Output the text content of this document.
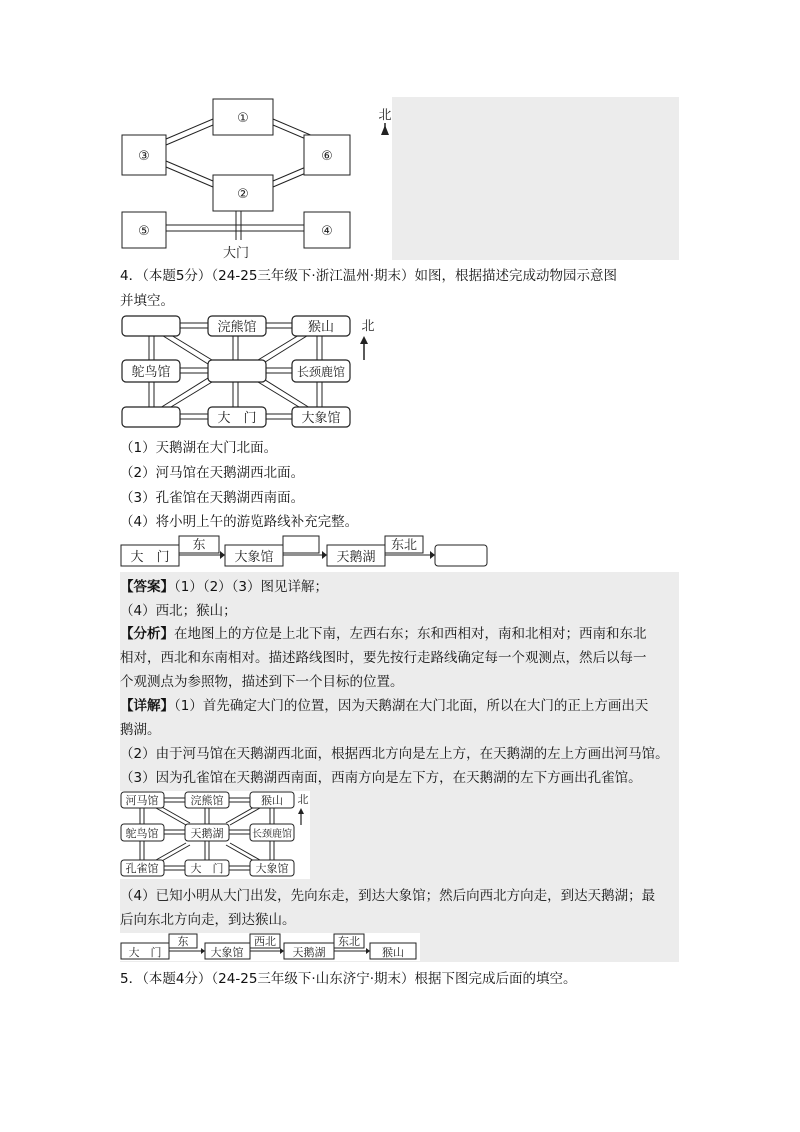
①
③	⑥
②
⑤	④
大门
北
4．（本题5分）（24-25三年级下·浙江温州·期末）如图，根据描述完成动物园示意图
并填空。
浣熊馆	猴山
鸵鸟馆	长颈鹿馆
大　门	大象馆
北
（1）天鹅湖在大门北面。
（2）河马馆在天鹅湖西北面。
（3）孔雀馆在天鹅湖西南面。
（4）将小明上午的游览路线补充完整。
大　门
东
大象馆	天鹅湖
东北
【答案】（1）（2）（3）图见详解；
（4）西北；猴山；
【分析】在地图上的方位是上北下南，左西右东；东和西相对，南和北相对；西南和东北
相对，西北和东南相对。描述路线图时，要先按行走路线确定每一个观测点，然后以每一
个观测点为参照物，描述到下一个目标的位置。
【详解】（1）首先确定大门的位置，因为天鹅湖在大门北面，所以在大门的正上方画出天
鹅湖。
（2）由于河马馆在天鹅湖西北面，根据西北方向是左上方，在天鹅湖的左上方画出河马馆。
（3）因为孔雀馆在天鹅湖西南面，西南方向是左下方，在天鹅湖的左下方画出孔雀馆。
河马馆	浣熊馆	猴山
鸵鸟馆	天鹅湖	长颈鹿馆
孔雀馆	大　门	大象馆
北
（4）已知小明从大门出发，先向东走，到达大象馆；然后向西北方向走，到达天鹅湖；最
后向东北方向走，到达猴山。
大　门
东
大象馆
西北
天鹅湖
东北
猴山
5．（本题4分）（24-25三年级下·山东济宁·期末）根据下图完成后面的填空。
